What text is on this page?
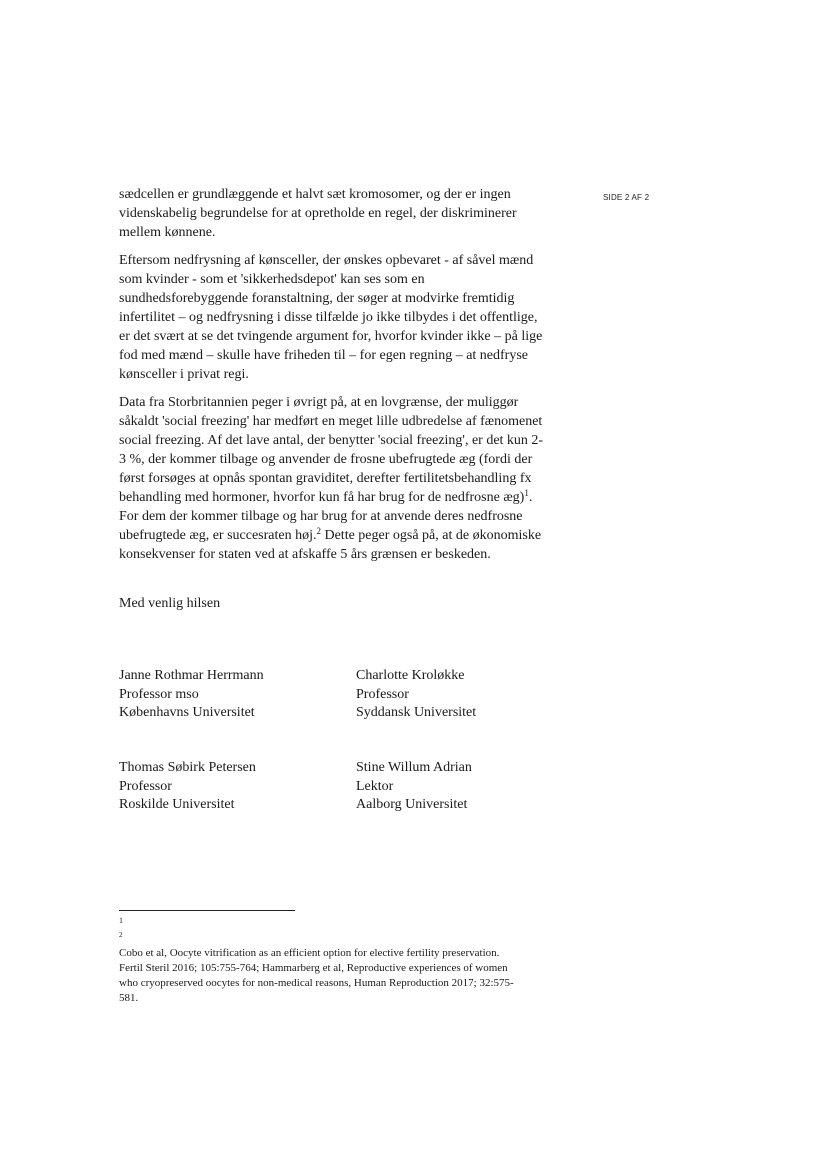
SIDE 2 AF 2

sædcellen er grundlæggende et halvt sæt kromosomer, og der er ingen
videnskabelig begrundelse for at opretholde en regel, der diskriminerer
mellem kønnene.

Eftersom nedfrysning af kønsceller, der ønskes opbevaret - af såvel mænd
som kvinder - som et 'sikkerhedsdepot' kan ses som en
sundhedsforebyggende foranstaltning, der søger at modvirke fremtidig
infertilitet – og nedfrysning i disse tilfælde jo ikke tilbydes i det offentlige,
er det svært at se det tvingende argument for, hvorfor kvinder ikke – på lige
fod med mænd – skulle have friheden til – for egen regning – at nedfryse
kønsceller i privat regi.

Data fra Storbritannien peger i øvrigt på, at en lovgrænse, der muliggør
såkaldt 'social freezing' har medført en meget lille udbredelse af fænomenet
social freezing. Af det lave antal, der benytter 'social freezing', er det kun 2-
3 %, der kommer tilbage og anvender de frosne ubefrugtede æg (fordi der
først forsøges at opnås spontan graviditet, derefter fertilitetsbehandling fx
behandling med hormoner, hvorfor kun få har brug for de nedfrosne æg)$^1$.
For dem der kommer tilbage og har brug for at anvende deres nedfrosne
ubefrugtede æg, er succesraten høj.$^2$ Dette peger også på, at de økonomiske
konsekvenser for staten ved at afskaffe 5 års grænsen er beskeden.

Med venlig hilsen
Janne Rothmar Herrmann
Professor mso
Københavns Universitet
Charlotte Kroløkke
Professor
Syddansk Universitet
Thomas Søbirk Petersen
Professor
Roskilde Universitet
Stine Willum Adrian
Lektor
Aalborg Universitet
1
$^2$
Cobo et al, Oocyte vitrification as an efficient option for elective fertility preservation.
Fertil Steril 2016; 105:755-764; Hammarberg et al, Reproductive experiences of women
who cryopreserved oocytes for non-medical reasons, Human Reproduction 2017; 32:575-
581.
